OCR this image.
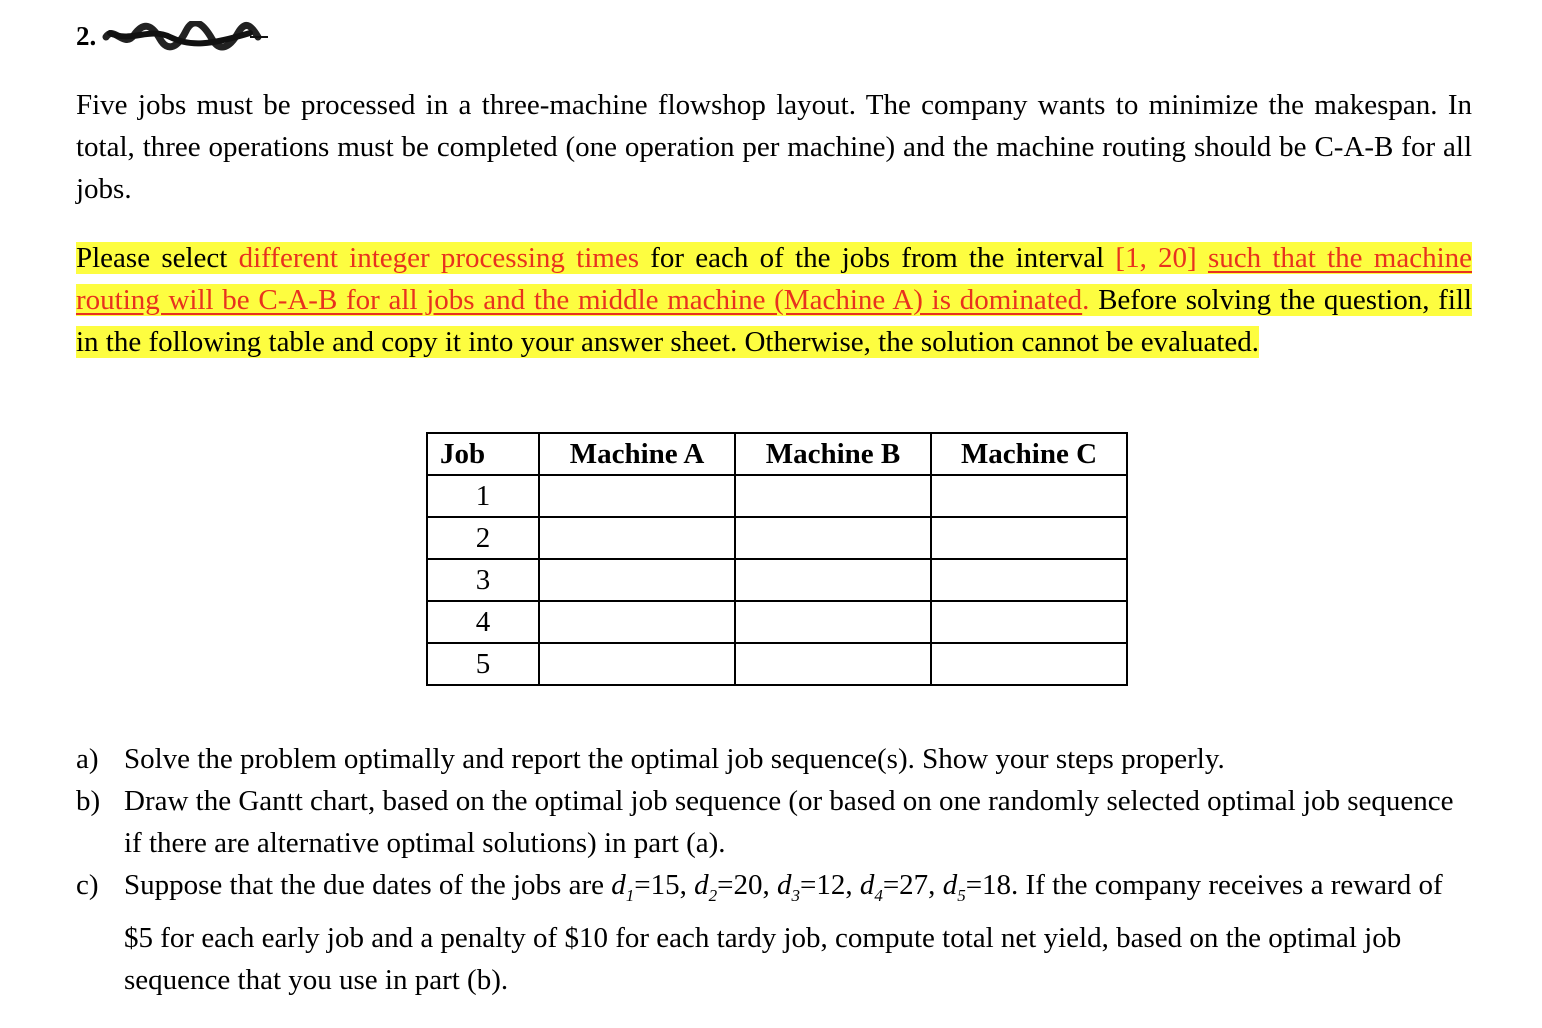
2.
Five jobs must be processed in a three-machine flowshop layout. The company wants to minimize the makespan. In total, three operations must be completed (one operation per machine) and the machine routing should be C-A-B for all jobs.
Please select different integer processing times for each of the jobs from the interval [1, 20] such that the machine routing will be C-A-B for all jobs and the middle machine (Machine A) is dominated. Before solving the question, fill in the following table and copy it into your answer sheet. Otherwise, the solution cannot be evaluated.
Job	Machine A	Machine B	Machine C
1			
2			
3			
4			
5			
a) Solve the problem optimally and report the optimal job sequence(s). Show your steps properly.
b) Draw the Gantt chart, based on the optimal job sequence (or based on one randomly selected optimal job sequence if there are alternative optimal solutions) in part (a).
c) Suppose that the due dates of the jobs are $d_1=15$, $d_2=20$, $d_3=12$, $d_4=27$, $d_5=18$. If the company receives a reward of $5 for each early job and a penalty of $10 for each tardy job, compute total net yield, based on the optimal job sequence that you use in part (b).
